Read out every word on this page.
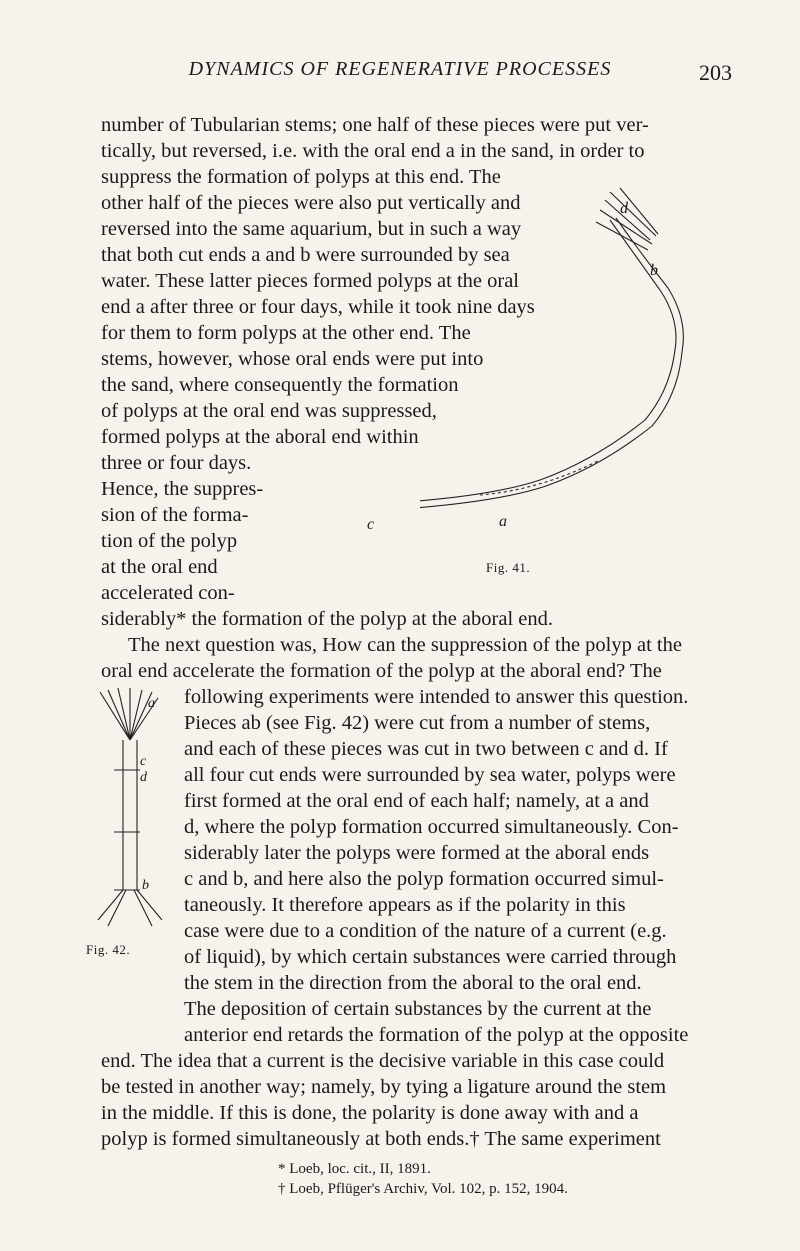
DYNAMICS OF REGENERATIVE PROCESSES	203
number of Tubularian stems; one half of these pieces were put ver-
tically, but reversed, i.e. with the oral end a in the sand, in order to
suppress the formation of polyps at this end. The
other half of the pieces were also put vertically and
reversed into the same aquarium, but in such a way
that both cut ends a and b were surrounded by sea
water. These latter pieces formed polyps at the oral
end a after three or four days, while it took nine days
for them to form polyps at the other end. The
stems, however, whose oral ends were put into
the sand, where consequently the formation
of polyps at the oral end was suppressed,
formed polyps at the aboral end within
three or four days.
Hence, the suppres-
sion of the forma-
tion of the polyp
at the oral end
accelerated con-
b
d
c	a
Fig. 41.
siderably* the formation of the polyp at the aboral end.
The next question was, How can the suppression of the polyp at the
oral end accelerate the formation of the polyp at the aboral end? The
a
c
d
b
Fig. 42.
following experiments were intended to answer this question.
Pieces ab (see Fig. 42) were cut from a number of stems,
and each of these pieces was cut in two between c and d. If
all four cut ends were surrounded by sea water, polyps were
first formed at the oral end of each half; namely, at a and
d, where the polyp formation occurred simultaneously. Con-
siderably later the polyps were formed at the aboral ends
c and b, and here also the polyp formation occurred simul-
taneously. It therefore appears as if the polarity in this
case were due to a condition of the nature of a current (e.g.
of liquid), by which certain substances were carried through
the stem in the direction from the aboral to the oral end.
The deposition of certain substances by the current at the
anterior end retards the formation of the polyp at the opposite
end. The idea that a current is the decisive variable in this case could
be tested in another way; namely, by tying a ligature around the stem
in the middle. If this is done, the polarity is done away with and a
polyp is formed simultaneously at both ends.† The same experiment
* Loeb, loc. cit., II, 1891.
† Loeb, Pflüger's Archiv, Vol. 102, p. 152, 1904.
